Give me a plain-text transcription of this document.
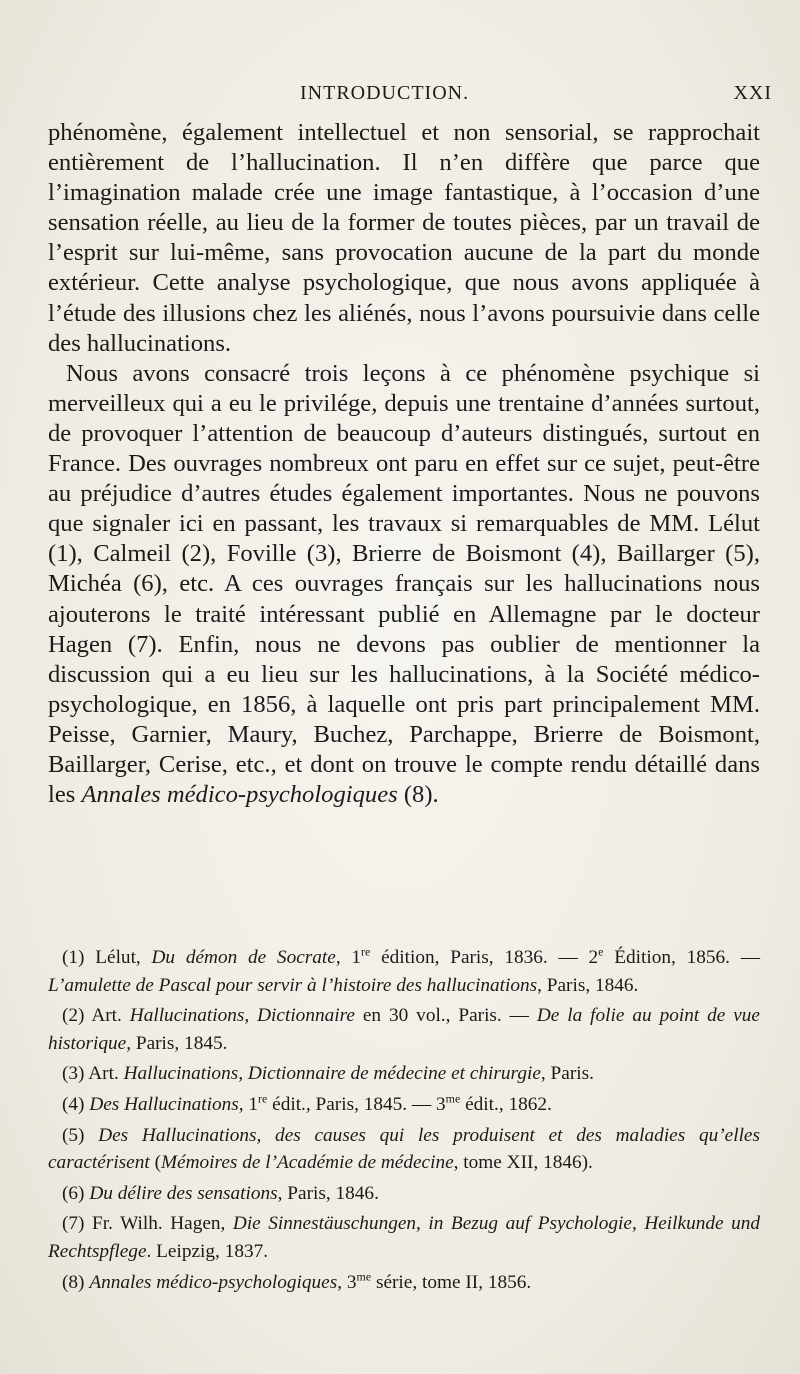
INTRODUCTION.	XXI

phénomène, également intellectuel et non sensorial, se rapprochait entièrement de l’hallucination. Il n’en diffère que parce que l’imagination malade crée une image fantastique, à l’occasion d’une sensation réelle, au lieu de la former de toutes pièces, par un travail de l’esprit sur lui-même, sans provocation aucune de la part du monde extérieur. Cette analyse psychologique, que nous avons appliquée à l’étude des illusions chez les aliénés, nous l’avons poursuivie dans celle des hallucinations.

Nous avons consacré trois leçons à ce phénomène psychique si merveilleux qui a eu le privilége, depuis une trentaine d’années surtout, de provoquer l’attention de beaucoup d’auteurs distingués, surtout en France. Des ouvrages nombreux ont paru en effet sur ce sujet, peut-être au préjudice d’autres études également importantes. Nous ne pouvons que signaler ici en passant, les travaux si remarquables de MM. Lélut (1), Calmeil (2), Foville (3), Brierre de Boismont (4), Baillarger (5), Michéa (6), etc. A ces ouvrages français sur les hallucinations nous ajouterons le traité intéressant publié en Allemagne par le docteur Hagen (7). Enfin, nous ne devons pas oublier de mentionner la discussion qui a eu lieu sur les hallucinations, à la Société médico-psychologique, en 1856, à laquelle ont pris part principalement MM. Peisse, Garnier, Maury, Buchez, Parchappe, Brierre de Boismont, Baillarger, Cerise, etc., et dont on trouve le compte rendu détaillé dans les Annales médico-psychologiques (8).

(1) Lélut, Du démon de Socrate, 1re édition, Paris, 1836. — 2e Édition, 1856. — L’amulette de Pascal pour servir à l’histoire des hallucinations, Paris, 1846.
(2) Art. Hallucinations, Dictionnaire en 30 vol., Paris. — De la folie au point de vue historique, Paris, 1845.
(3) Art. Hallucinations, Dictionnaire de médecine et chirurgie, Paris.
(4) Des Hallucinations, 1re édit., Paris, 1845. — $3^{me}$ édit., 1862.
(5) Des Hallucinations, des causes qui les produisent et des maladies qu’elles caractérisent (Mémoires de l’Académie de médecine, tome XII, 1846).
(6) Du délire des sensations, Paris, 1846.
(7) Fr. Wilh. Hagen, Die Sinnestäuschungen, in Bezug auf Psychologie, Heilkunde und Rechtspflege. Leipzig, 1837.
(8) Annales médico-psychologiques, $3^{me}$ série, tome II, 1856.
